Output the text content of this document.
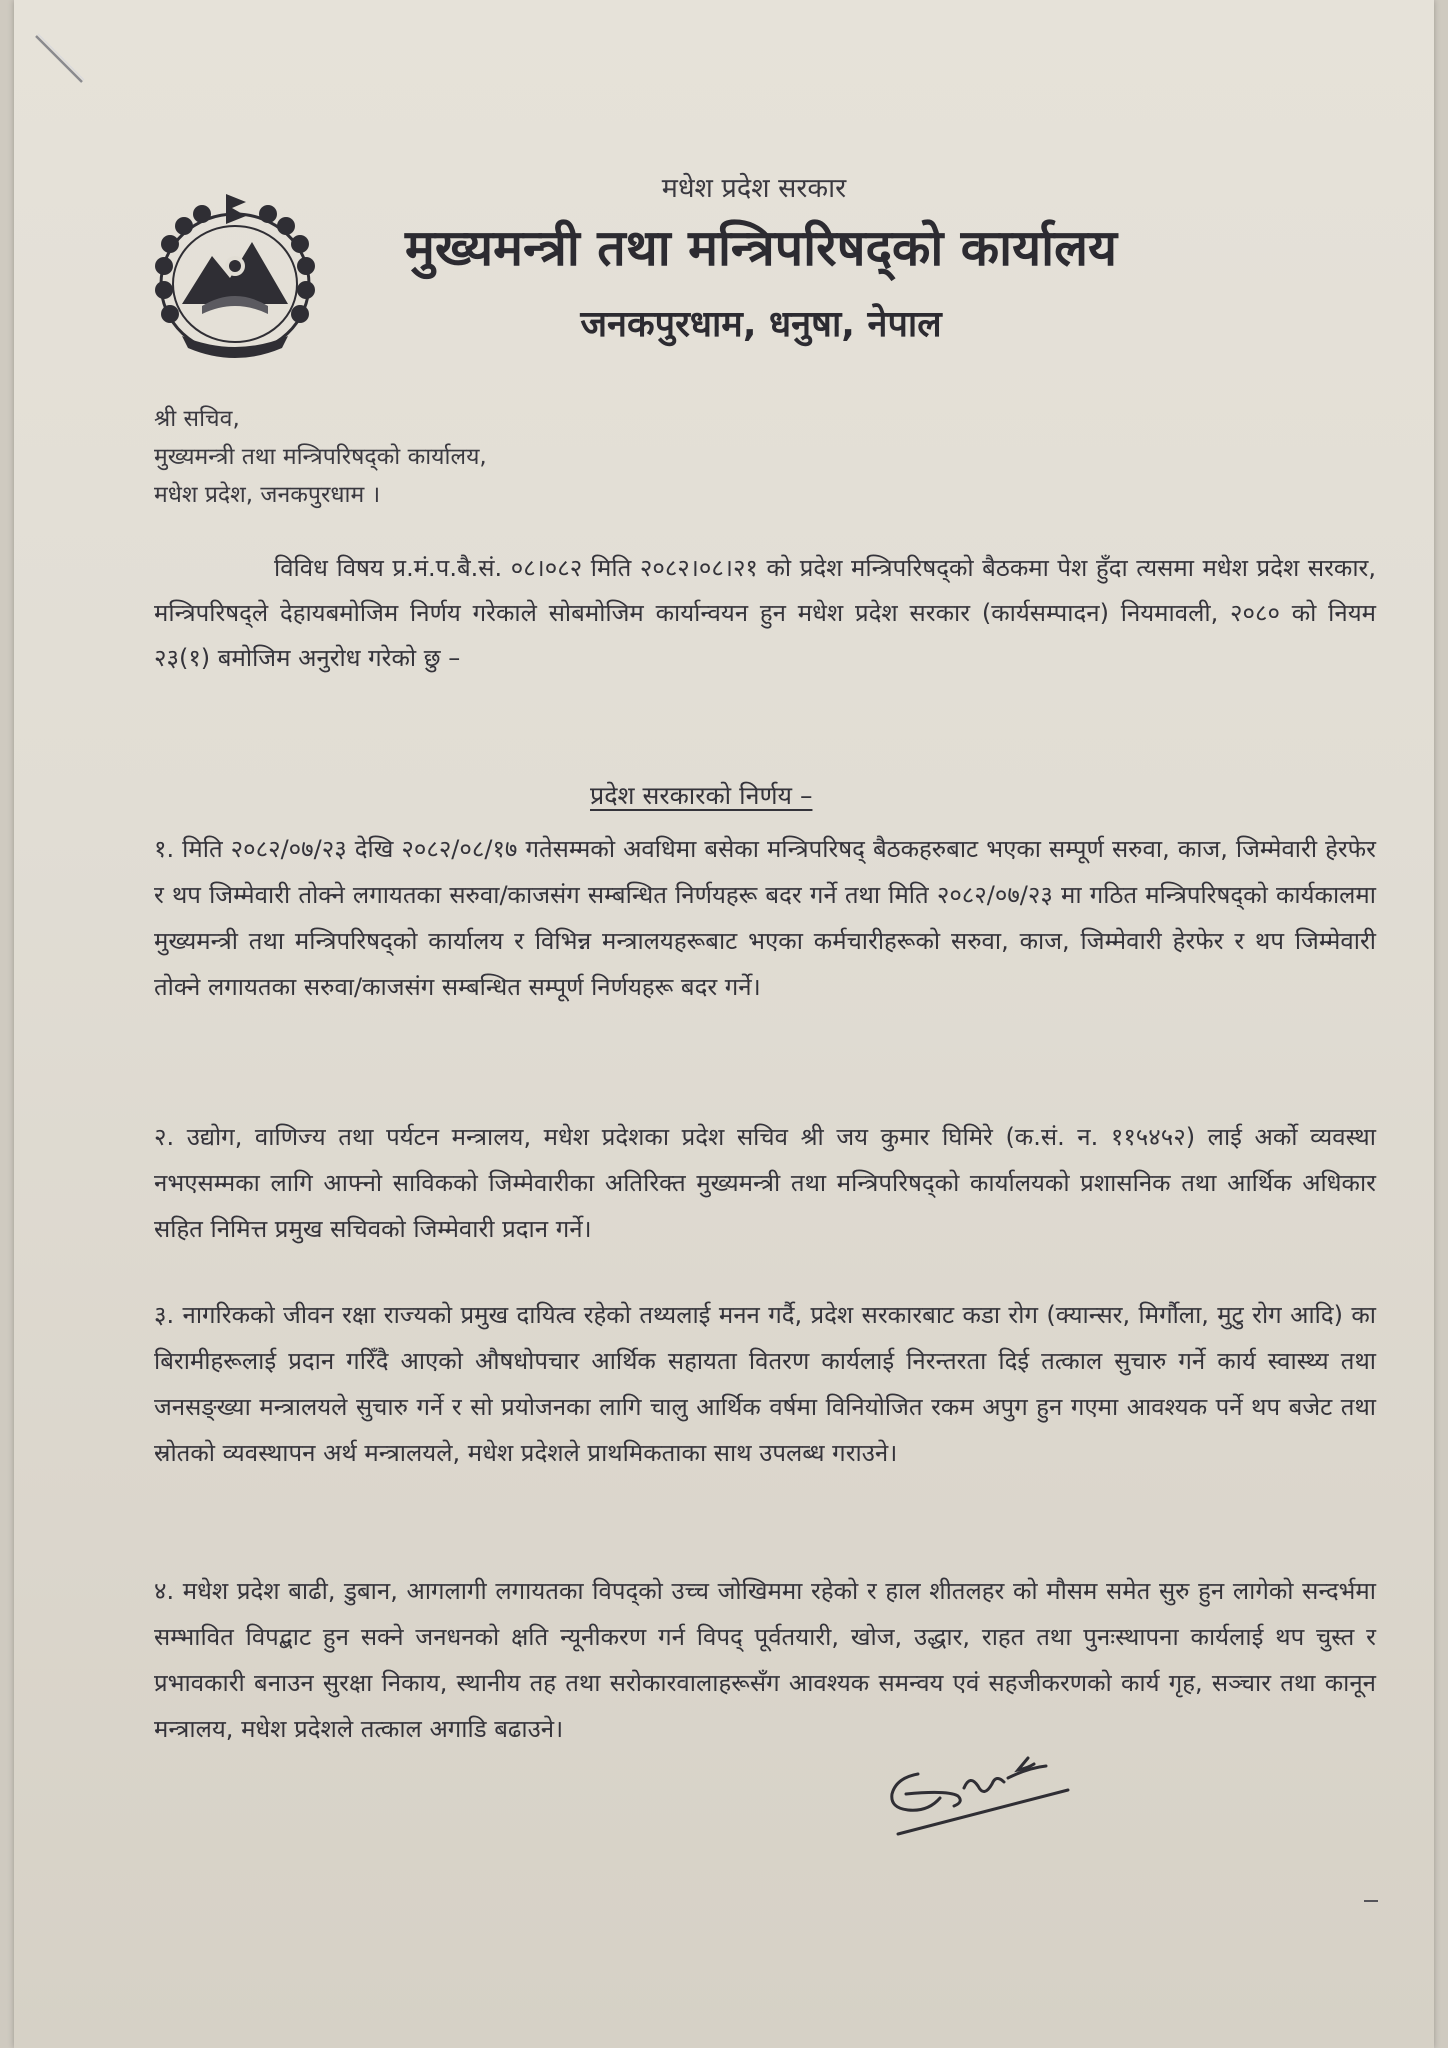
मधेश प्रदेश सरकार
मुख्यमन्त्री तथा मन्त्रिपरिषद्को कार्यालय
जनकपुरधाम, धनुषा, नेपाल
श्री सचिव,
मुख्यमन्त्री तथा मन्त्रिपरिषद्को कार्यालय,
मधेश प्रदेश, जनकपुरधाम ।
विविध विषय प्र.मं.प.बै.सं. ०८।०८२ मिति २०८२।०८।२१ को प्रदेश मन्त्रिपरिषद्को बैठकमा पेश हुँदा त्यसमा मधेश प्रदेश सरकार, मन्त्रिपरिषद्ले देहायबमोजिम निर्णय गरेकाले सोबमोजिम कार्यान्वयन हुन मधेश प्रदेश सरकार (कार्यसम्पादन) नियमावली, २०८० को नियम २३(१) बमोजिम अनुरोध गरेको छु –
प्रदेश सरकारको निर्णय –
१. मिति २०८२/०७/२३ देखि २०८२/०८/१७ गतेसम्मको अवधिमा बसेका मन्त्रिपरिषद् बैठकहरुबाट भएका सम्पूर्ण सरुवा, काज, जिम्मेवारी हेरफेर र थप जिम्मेवारी तोक्ने लगायतका सरुवा/काजसंग सम्बन्धित निर्णयहरू बदर गर्ने तथा मिति २०८२/०७/२३ मा गठित मन्त्रिपरिषद्को कार्यकालमा मुख्यमन्त्री तथा मन्त्रिपरिषद्को कार्यालय र विभिन्न मन्त्रालयहरूबाट भएका कर्मचारीहरूको सरुवा, काज, जिम्मेवारी हेरफेर र थप जिम्मेवारी तोक्ने लगायतका सरुवा/काजसंग सम्बन्धित सम्पूर्ण निर्णयहरू बदर गर्ने।
२. उद्योग, वाणिज्य तथा पर्यटन मन्त्रालय, मधेश प्रदेशका प्रदेश सचिव श्री जय कुमार घिमिरे (क.सं. न. ११५४५२) लाई अर्को व्यवस्था नभएसम्मका लागि आफ्नो साविकको जिम्मेवारीका अतिरिक्त मुख्यमन्त्री तथा मन्त्रिपरिषद्को कार्यालयको प्रशासनिक तथा आर्थिक अधिकार सहित निमित्त प्रमुख सचिवको जिम्मेवारी प्रदान गर्ने।
३. नागरिकको जीवन रक्षा राज्यको प्रमुख दायित्व रहेको तथ्यलाई मनन गर्दै, प्रदेश सरकारबाट कडा रोग (क्यान्सर, मिर्गौला, मुटु रोग आदि) का बिरामीहरूलाई प्रदान गरिँदै आएको औषधोपचार आर्थिक सहायता वितरण कार्यलाई निरन्तरता दिई तत्काल सुचारु गर्ने कार्य स्वास्थ्य तथा जनसङ्ख्या मन्त्रालयले सुचारु गर्ने र सो प्रयोजनका लागि चालु आर्थिक वर्षमा विनियोजित रकम अपुग हुन गएमा आवश्यक पर्ने थप बजेट तथा स्रोतको व्यवस्थापन अर्थ मन्त्रालयले, मधेश प्रदेशले प्राथमिकताका साथ उपलब्ध गराउने।
४. मधेश प्रदेश बाढी, डुबान, आगलागी लगायतका विपद्को उच्च जोखिममा रहेको र हाल शीतलहर को मौसम समेत सुरु हुन लागेको सन्दर्भमा सम्भावित विपद्बाट हुन सक्ने जनधनको क्षति न्यूनीकरण गर्न विपद् पूर्वतयारी, खोज, उद्धार, राहत तथा पुनःस्थापना कार्यलाई थप चुस्त र प्रभावकारी बनाउन सुरक्षा निकाय, स्थानीय तह तथा सरोकारवालाहरूसँग आवश्यक समन्वय एवं सहजीकरणको कार्य गृह, सञ्चार तथा कानून मन्त्रालय, मधेश प्रदेशले तत्काल अगाडि बढाउने।
